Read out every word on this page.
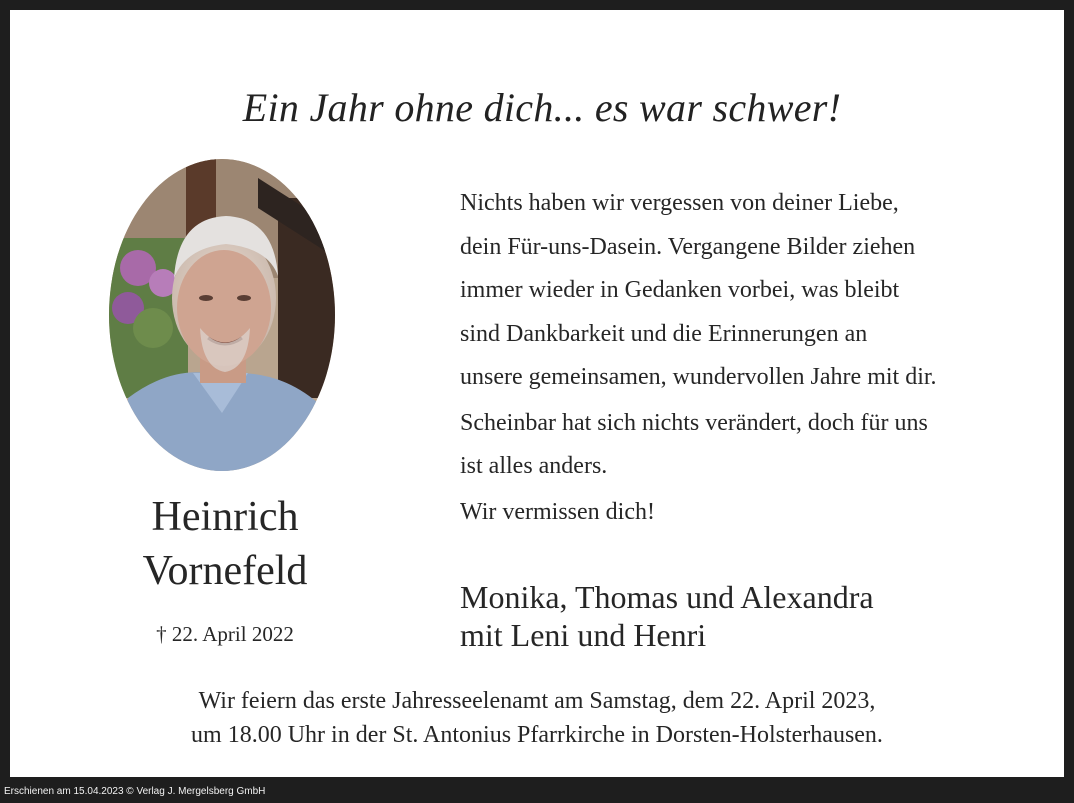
Ein Jahr ohne dich... es war schwer!
Heinrich
Vornefeld
† 22. April 2022
Nichts haben wir vergessen von deiner Liebe,
dein Für-uns-Dasein. Vergangene Bilder ziehen
immer wieder in Gedanken vorbei, was bleibt
sind Dankbarkeit und die Erinnerungen an
unsere gemeinsamen, wundervollen Jahre mit dir.
Scheinbar hat sich nichts verändert, doch für uns
ist alles anders.
Wir vermissen dich!
Monika, Thomas und Alexandra
mit Leni und Henri
Wir feiern das erste Jahresseelenamt am Samstag, dem 22. April 2023,
um 18.00 Uhr in der St. Antonius Pfarrkirche in Dorsten-Holsterhausen.
Erschienen am 15.04.2023 © Verlag J. Mergelsberg GmbH
